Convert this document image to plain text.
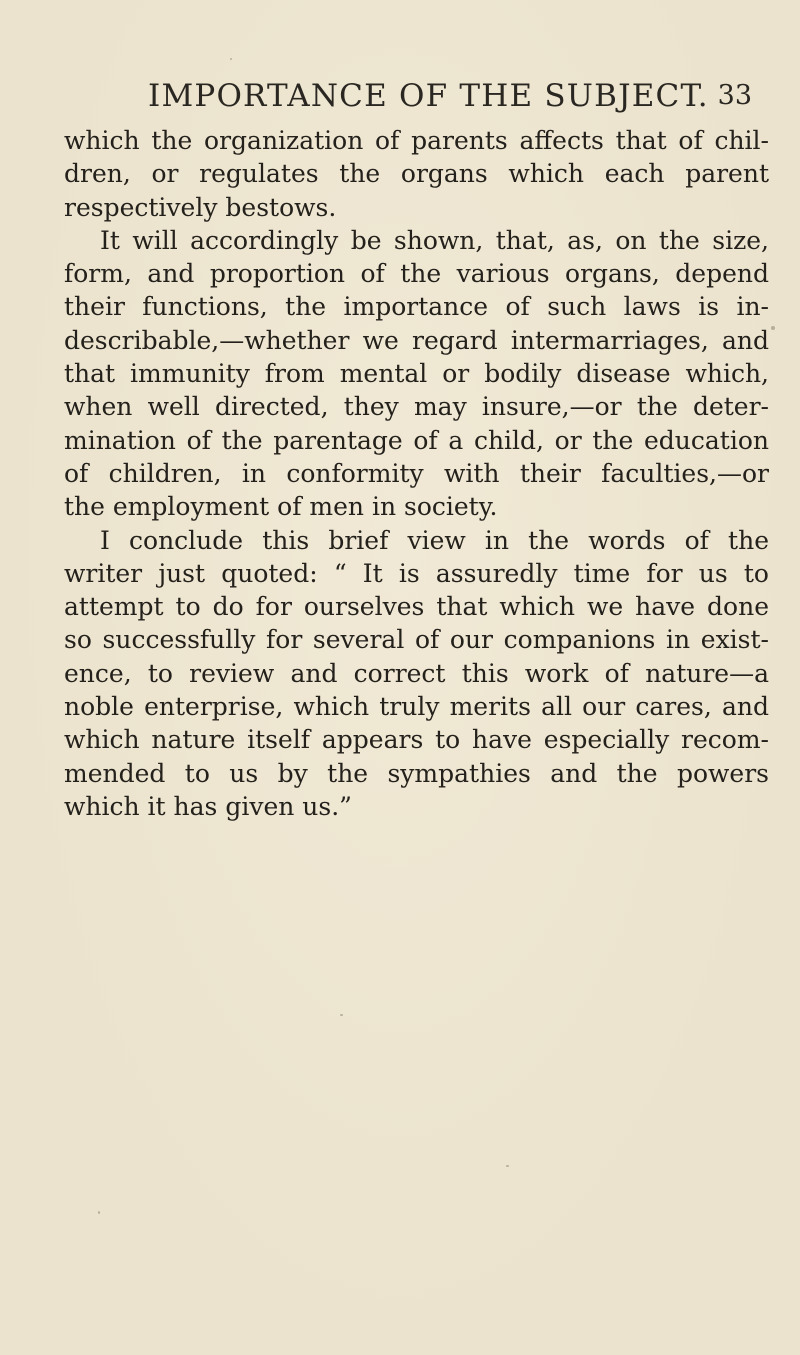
IMPORTANCE OF THE SUBJECT. 33
which the organization of parents affects that of chil-
dren, or regulates the organs which each parent
respectively bestows.
It will accordingly be shown, that, as, on the size,
form, and proportion of the various organs, depend
their functions, the importance of such laws is in-
describable,—whether we regard intermarriages, and
that immunity from mental or bodily disease which,
when well directed, they may insure,—or the deter-
mination of the parentage of a child, or the education
of children, in conformity with their faculties,—or
the employment of men in society.
I conclude this brief view in the words of the
writer just quoted: “ It is assuredly time for us to
attempt to do for ourselves that which we have done
so successfully for several of our companions in exist-
ence, to review and correct this work of nature—a
noble enterprise, which truly merits all our cares, and
which nature itself appears to have especially recom-
mended to us by the sympathies and the powers
which it has given us.”
